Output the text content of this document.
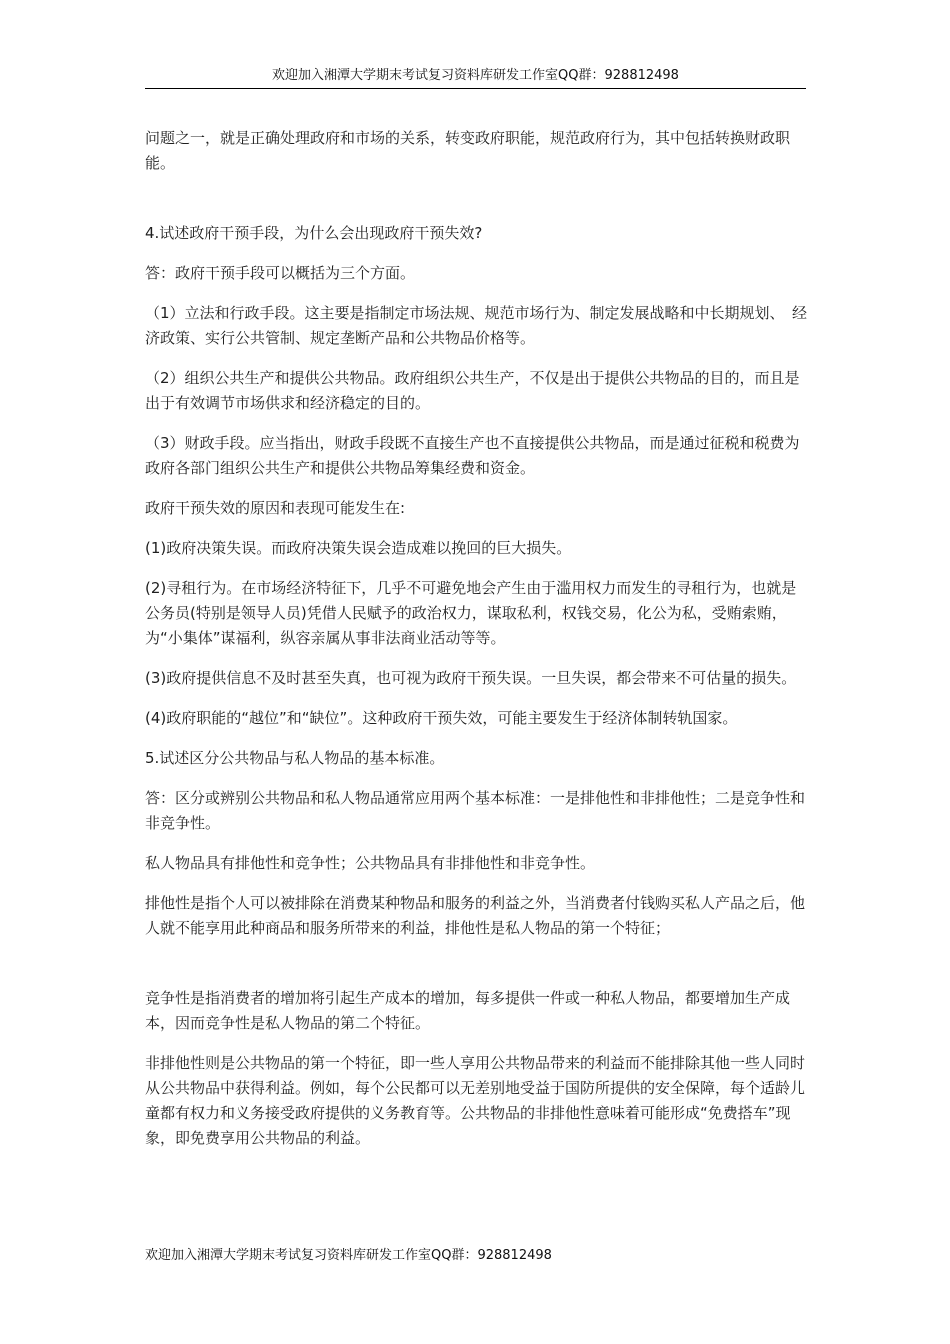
欢迎加入湘潭大学期末考试复习资料库研发工作室QQ群：928812498

问题之一，就是正确处理政府和市场的关系，转变政府职能，规范政府行为，其中包括转换财政职能。

4.试述政府干预手段，为什么会出现政府干预失效?

答：政府干预手段可以概括为三个方面。

（1）立法和行政手段。这主要是指制定市场法规、规范市场行为、制定发展战略和中长期规划、　经济政策、实行公共管制、规定垄断产品和公共物品价格等。

（2）组织公共生产和提供公共物品。政府组织公共生产，不仅是出于提供公共物品的目的，而且是出于有效调节市场供求和经济稳定的目的。

（3）财政手段。应当指出，财政手段既不直接生产也不直接提供公共物品，而是通过征税和税费为政府各部门组织公共生产和提供公共物品筹集经费和资金。

政府干预失效的原因和表现可能发生在:

(1)政府决策失误。而政府决策失误会造成难以挽回的巨大损失。

(2)寻租行为。在市场经济特征下，几乎不可避免地会产生由于滥用权力而发生的寻租行为，也就是公务员(特别是领导人员)凭借人民赋予的政治权力，谋取私利，权钱交易，化公为私，受贿索贿，为“小集体”谋福利，纵容亲属从事非法商业活动等等。

(3)政府提供信息不及时甚至失真，也可视为政府干预失误。一旦失误，都会带来不可估量的损失。

(4)政府职能的“越位”和“缺位”。这种政府干预失效，可能主要发生于经济体制转轨国家。

5.试述区分公共物品与私人物品的基本标准。

答：区分或辨别公共物品和私人物品通常应用两个基本标准：一是排他性和非排他性；二是竞争性和非竞争性。

私人物品具有排他性和竞争性；公共物品具有非排他性和非竞争性。

排他性是指个人可以被排除在消费某种物品和服务的利益之外，当消费者付钱购买私人产品之后，他人就不能享用此种商品和服务所带来的利益，排他性是私人物品的第一个特征；

竞争性是指消费者的增加将引起生产成本的增加，每多提供一件或一种私人物品，都要增加生产成本，因而竞争性是私人物品的第二个特征。

非排他性则是公共物品的第一个特征，即一些人享用公共物品带来的利益而不能排除其他一些人同时从公共物品中获得利益。例如，每个公民都可以无差别地受益于国防所提供的安全保障，每个适龄儿童都有权力和义务接受政府提供的义务教育等。公共物品的非排他性意味着可能形成“免费搭车”现象，即免费享用公共物品的利益。

欢迎加入湘潭大学期末考试复习资料库研发工作室QQ群：928812498
